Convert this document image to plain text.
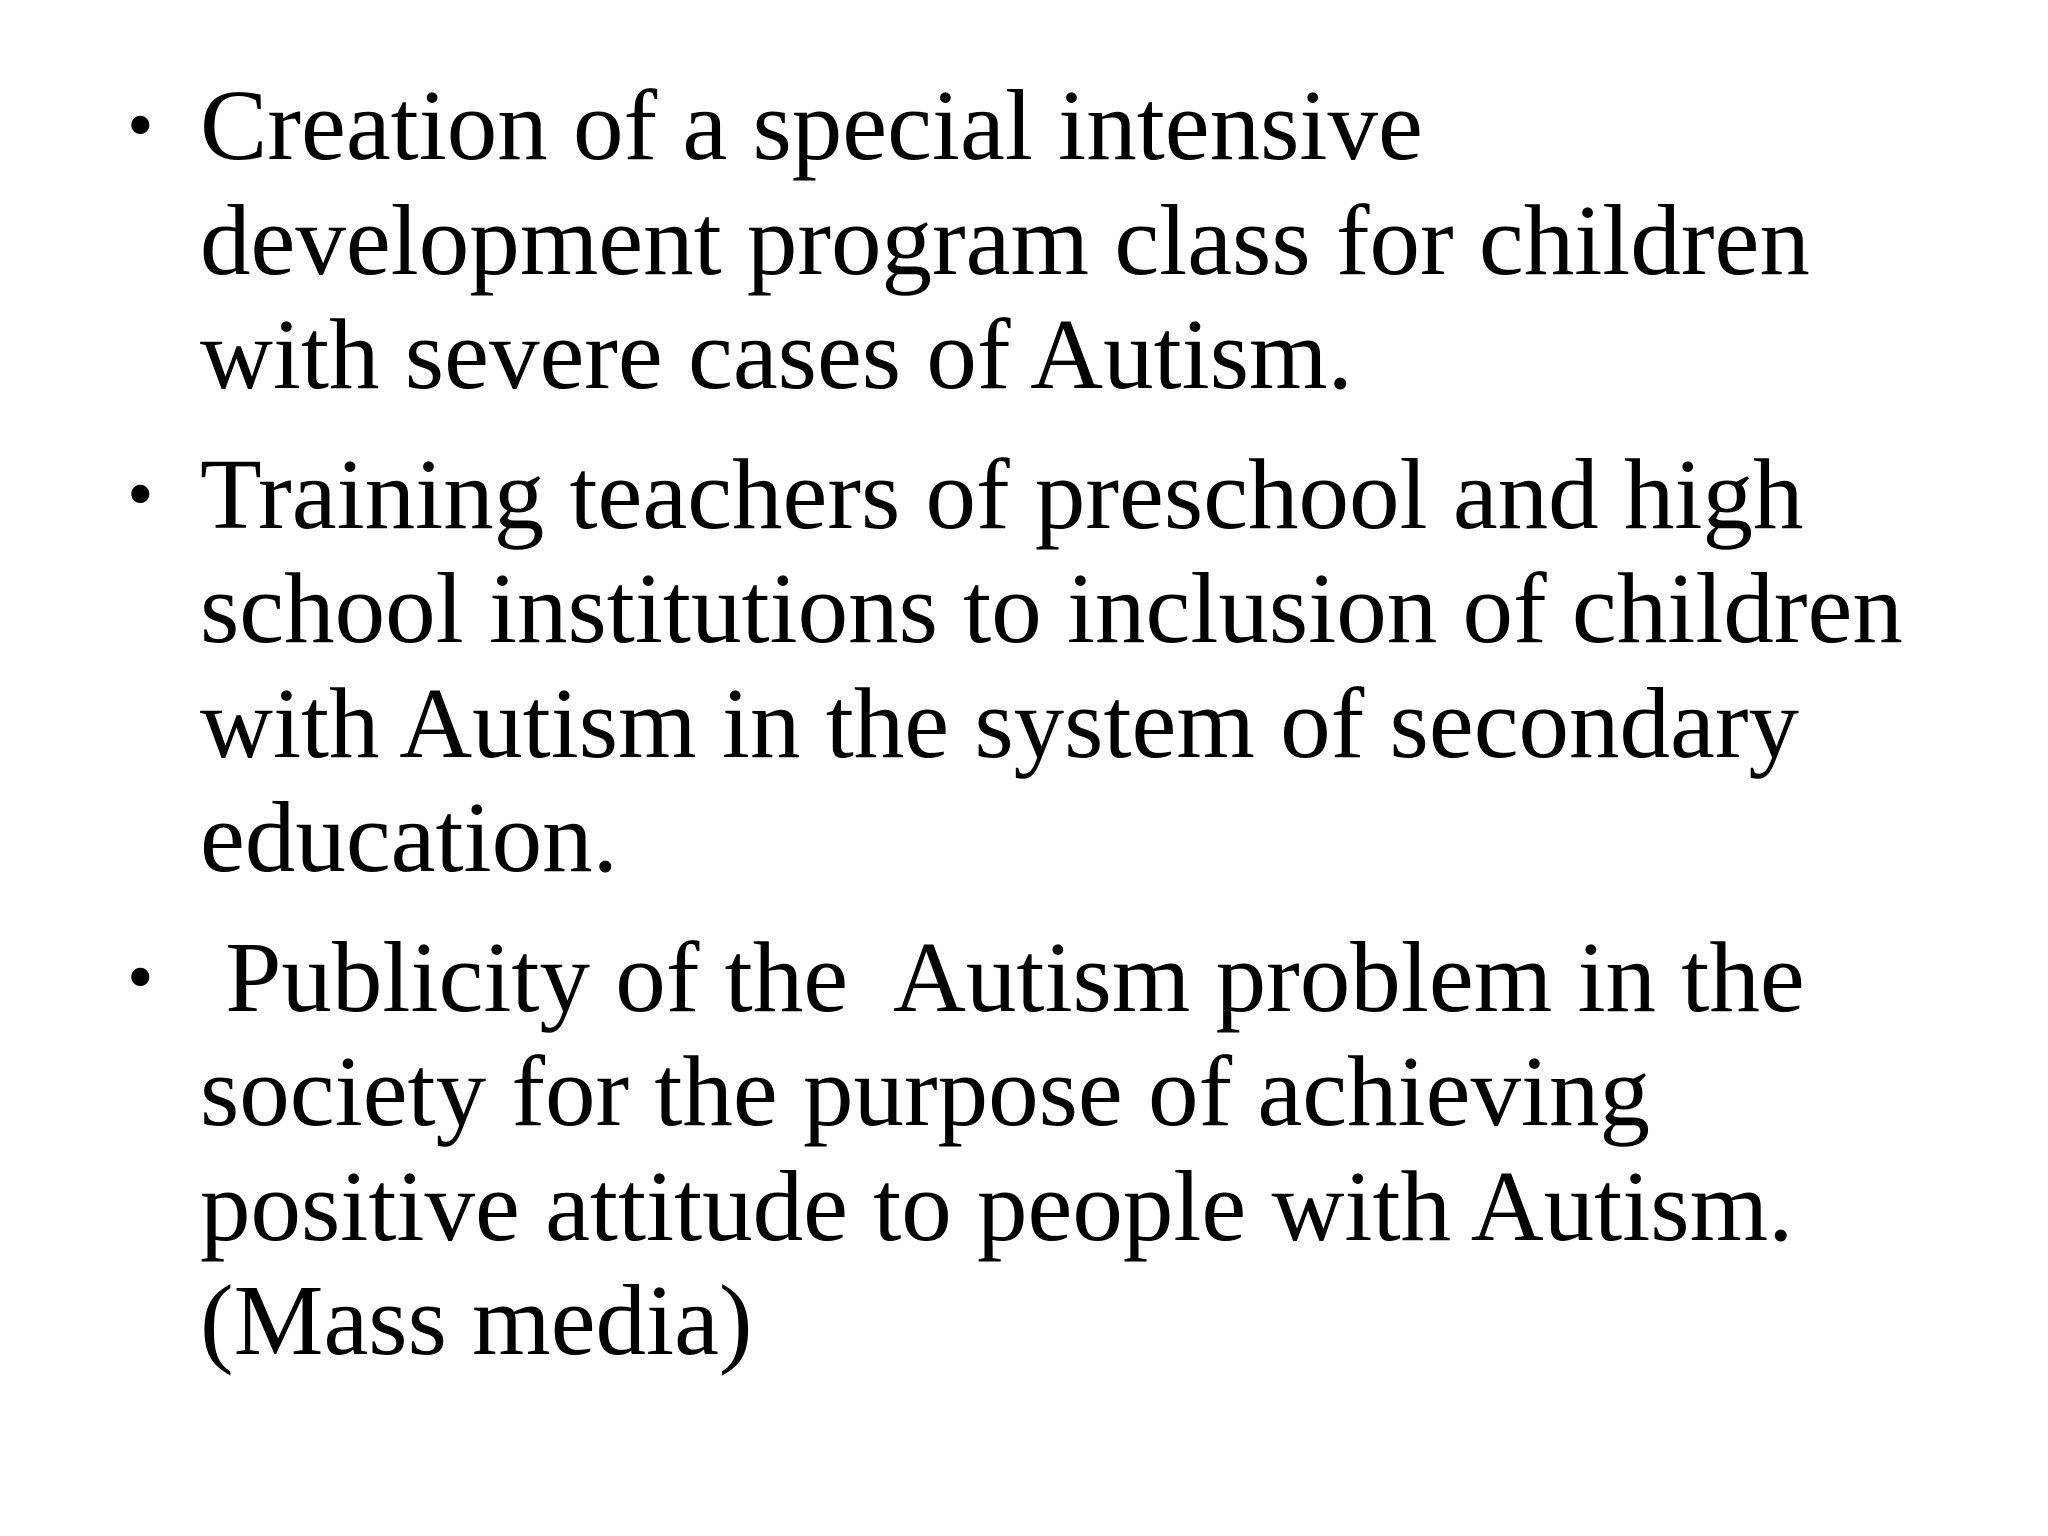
• Creation of a special intensive
development program class for children
with severe cases of Autism.
• Training teachers of preschool and high
school institutions to inclusion of children
with Autism in the system of secondary
education.
• Publicity of the  Autism problem in the
society for the purpose of achieving
positive attitude to people with Autism.
(Mass media)
